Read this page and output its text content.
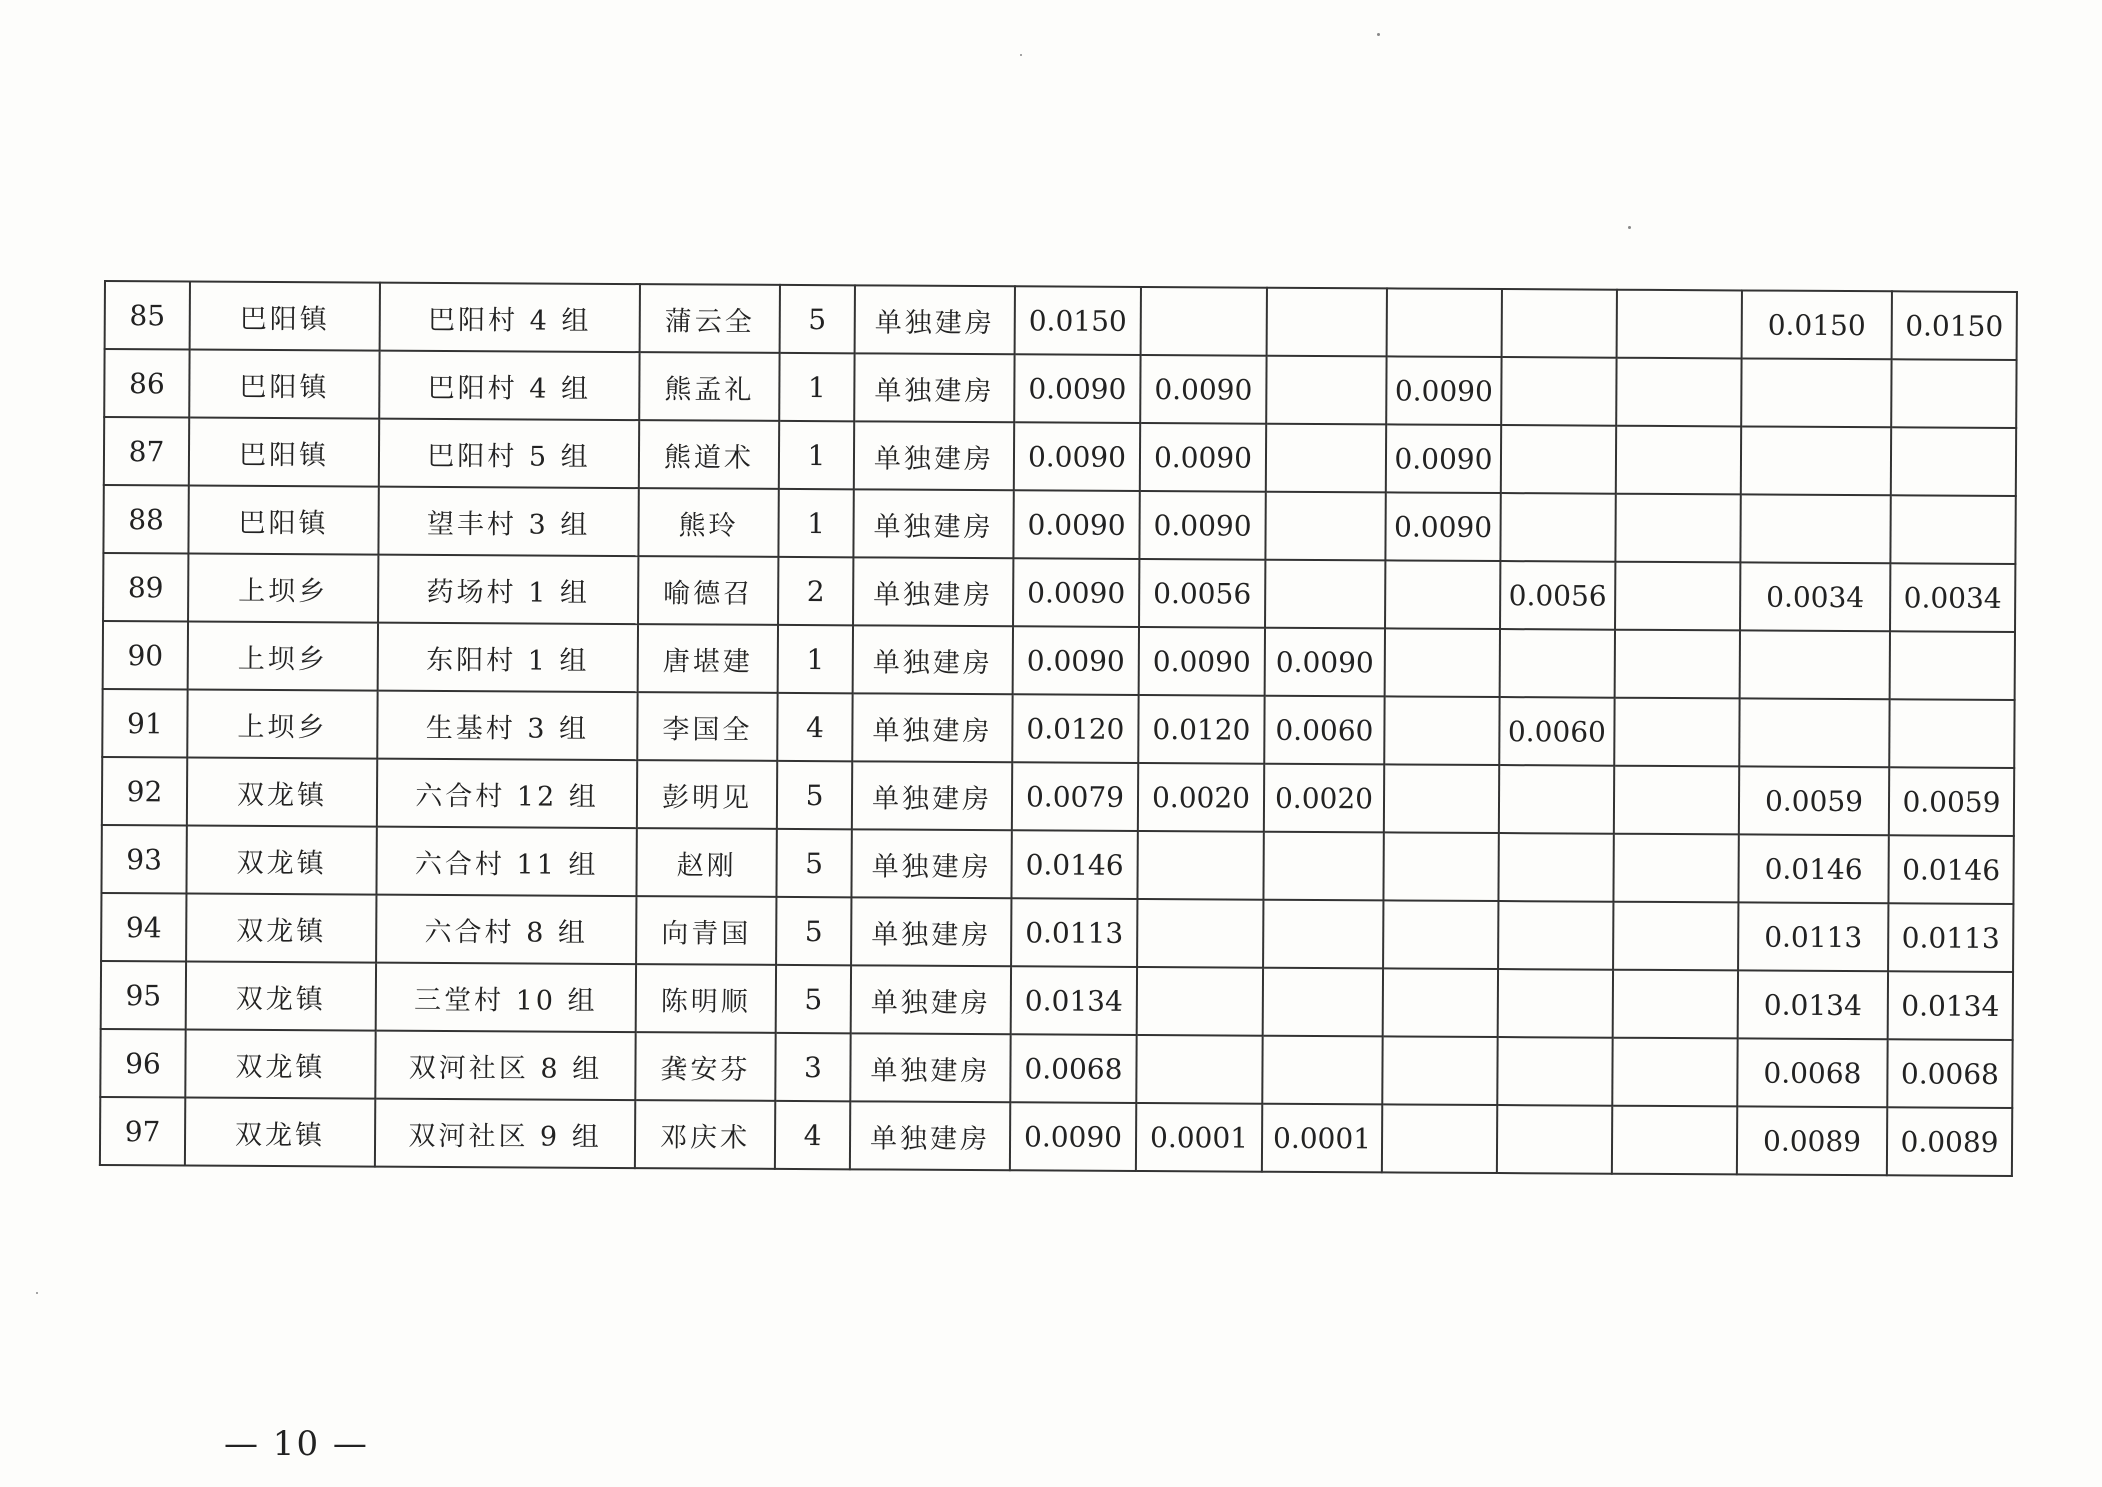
85	巴阳镇	巴阳村 4 组	蒲云全	5	单独建房	0.0150						0.0150	0.0150
86	巴阳镇	巴阳村 4 组	熊孟礼	1	单独建房	0.0090	0.0090		0.0090				
87	巴阳镇	巴阳村 5 组	熊道术	1	单独建房	0.0090	0.0090		0.0090				
88	巴阳镇	望丰村 3 组	熊玲	1	单独建房	0.0090	0.0090		0.0090				
89	上坝乡	药场村 1 组	喻德召	2	单独建房	0.0090	0.0056			0.0056		0.0034	0.0034
90	上坝乡	东阳村 1 组	唐堪建	1	单独建房	0.0090	0.0090	0.0090					
91	上坝乡	生基村 3 组	李国全	4	单独建房	0.0120	0.0120	0.0060		0.0060			
92	双龙镇	六合村 12 组	彭明见	5	单独建房	0.0079	0.0020	0.0020				0.0059	0.0059
93	双龙镇	六合村 11 组	赵刚	5	单独建房	0.0146						0.0146	0.0146
94	双龙镇	六合村 8 组	向青国	5	单独建房	0.0113						0.0113	0.0113
95	双龙镇	三堂村 10 组	陈明顺	5	单独建房	0.0134						0.0134	0.0134
96	双龙镇	双河社区 8 组	龚安芬	3	单独建房	0.0068						0.0068	0.0068
97	双龙镇	双河社区 9 组	邓庆术	4	单独建房	0.0090	0.0001	0.0001				0.0089	0.0089
— 10 —
